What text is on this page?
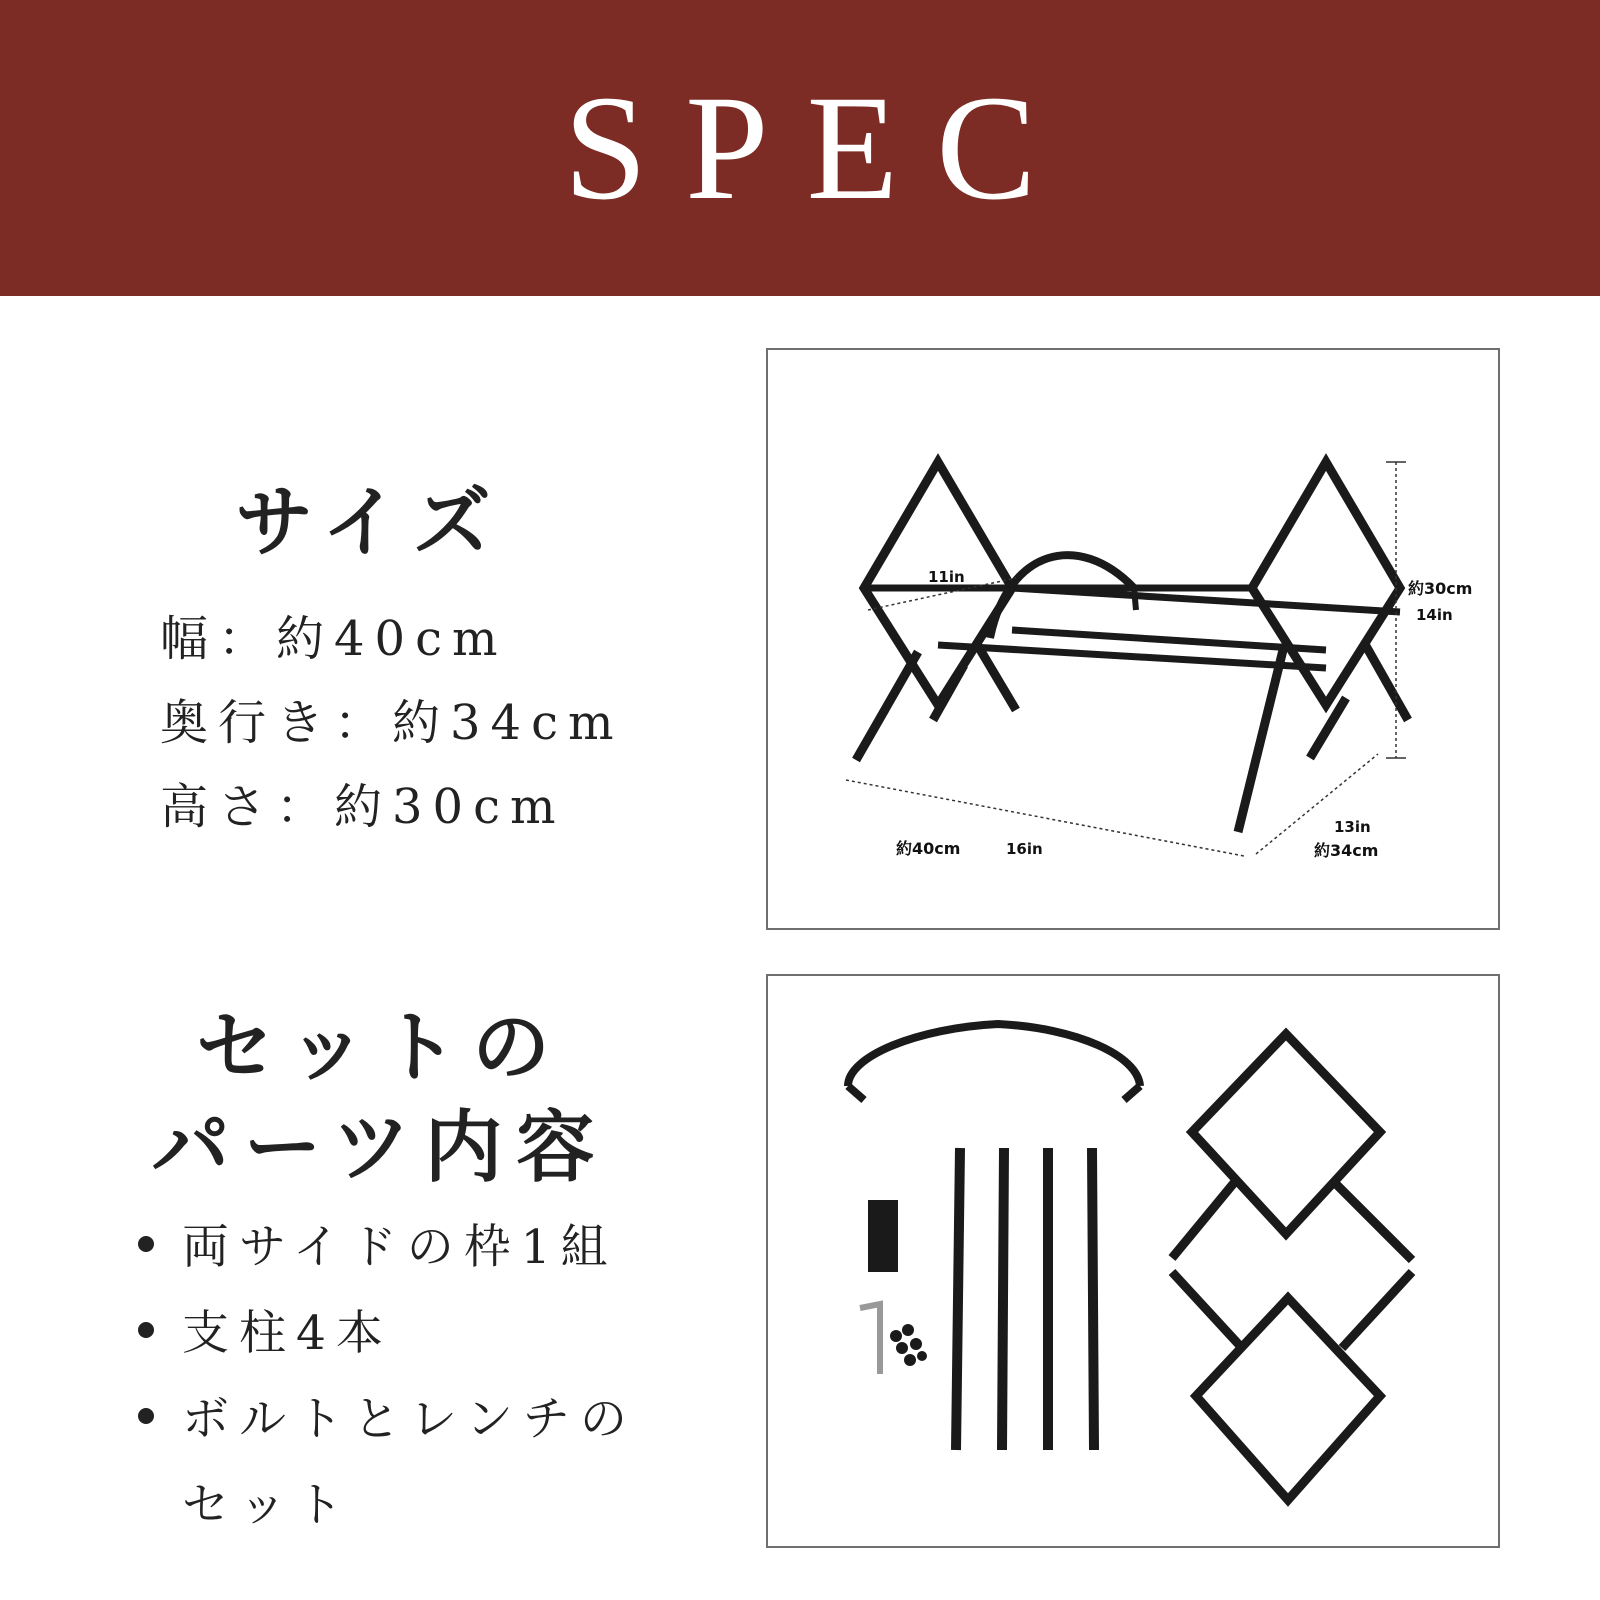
SPEC
サイズ
幅：約40cm
奥行き：約34cm
高さ：約30cm
セットの
パーツ内容
両サイドの枠1組
支柱4本
ボルトとレンチの
セット
11in
約30cm
14in
約40cm	16in
13in
約34cm
